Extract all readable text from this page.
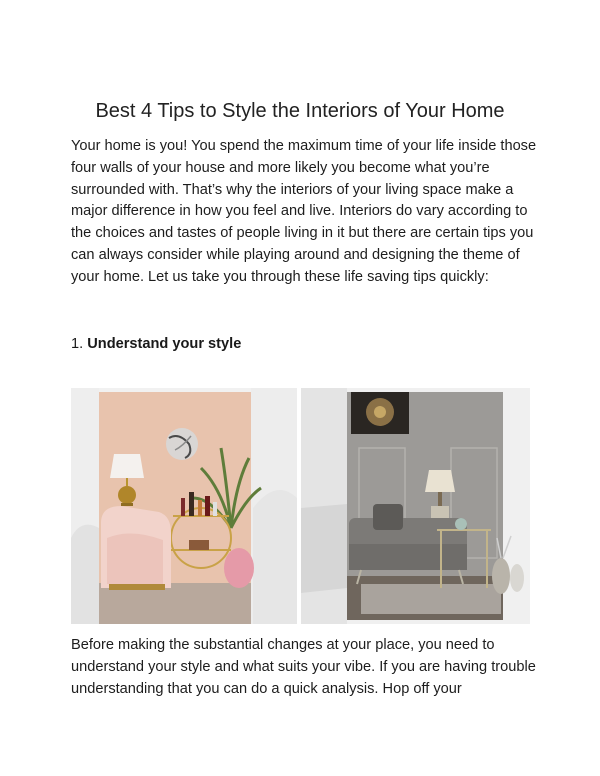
Best 4 Tips to Style the Interiors of Your Home
Your home is you! You spend the maximum time of your life inside those four walls of your house and more likely you become what you’re surrounded with. That’s why the interiors of your living space make a major difference in how you feel and live. Interiors do vary according to the choices and tastes of people living in it but there are certain tips you can always consider while playing around and designing the theme of your home. Let us take you through these life saving tips quickly:
1. Understand your style
Before making the substantial changes at your place, you need to understand your style and what suits your vibe. If you are having trouble understanding that you can do a quick analysis. Hop off your
